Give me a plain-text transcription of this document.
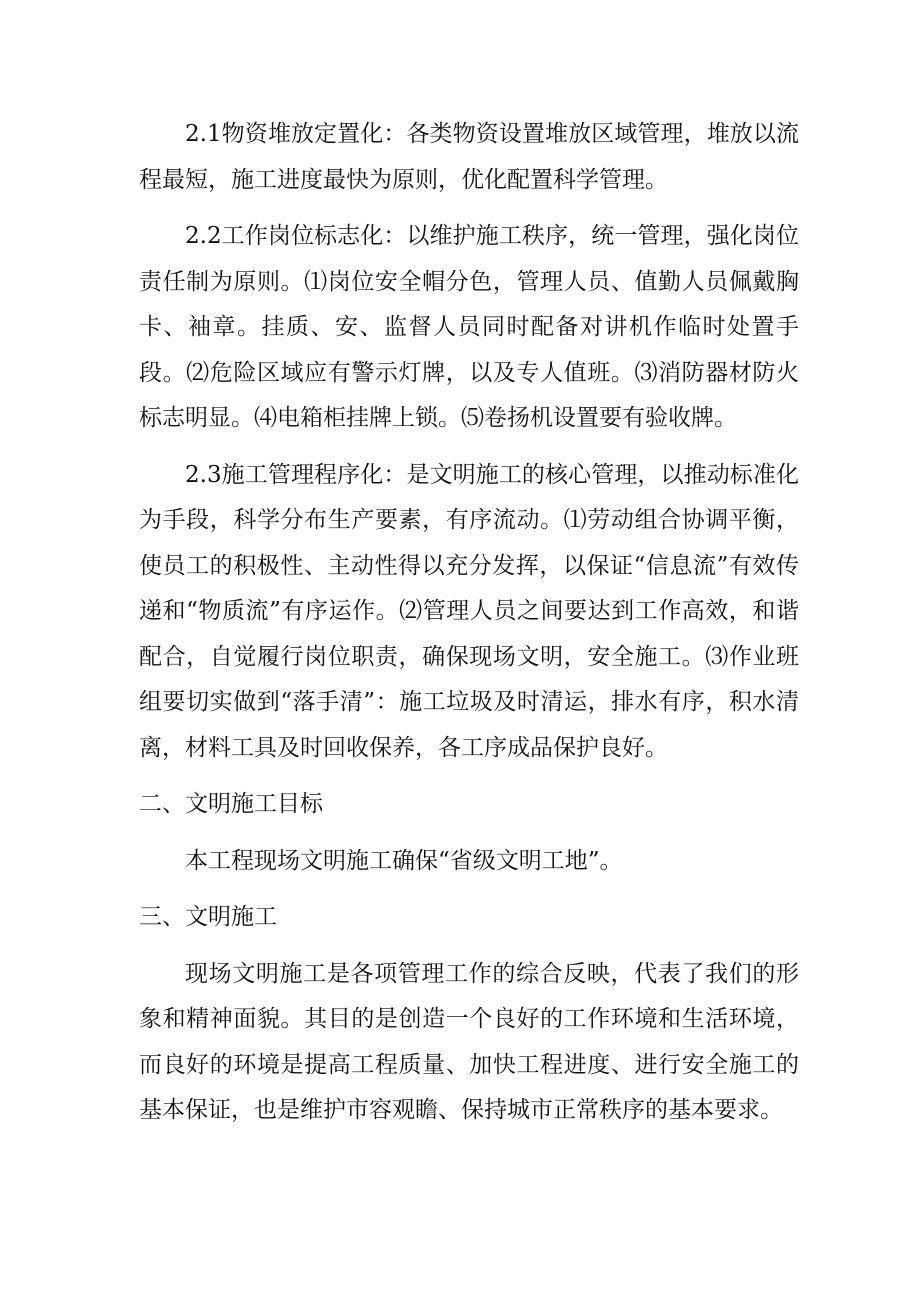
2.1物资堆放定置化：各类物资设置堆放区域管理，堆放以流程最短，施工进度最快为原则，优化配置科学管理。

2.2工作岗位标志化：以维护施工秩序，统一管理，强化岗位责任制为原则。⑴岗位安全帽分色，管理人员、值勤人员佩戴胸卡、袖章。挂质、安、监督人员同时配备对讲机作临时处置手段。⑵危险区域应有警示灯牌，以及专人值班。⑶消防器材防火标志明显。⑷电箱柜挂牌上锁。⑸卷扬机设置要有验收牌。

2.3施工管理程序化：是文明施工的核心管理，以推动标准化为手段，科学分布生产要素，有序流动。⑴劳动组合协调平衡，使员工的积极性、主动性得以充分发挥，以保证“信息流”有效传递和“物质流”有序运作。⑵管理人员之间要达到工作高效，和谐配合，自觉履行岗位职责，确保现场文明，安全施工。⑶作业班组要切实做到“落手清”：施工垃圾及时清运，排水有序，积水清离，材料工具及时回收保养，各工序成品保护良好。

二、文明施工目标

本工程现场文明施工确保“省级文明工地”。

三、文明施工

现场文明施工是各项管理工作的综合反映，代表了我们的形象和精神面貌。其目的是创造一个良好的工作环境和生活环境，而良好的环境是提高工程质量、加快工程进度、进行安全施工的基本保证，也是维护市容观瞻、保持城市正常秩序的基本要求。
